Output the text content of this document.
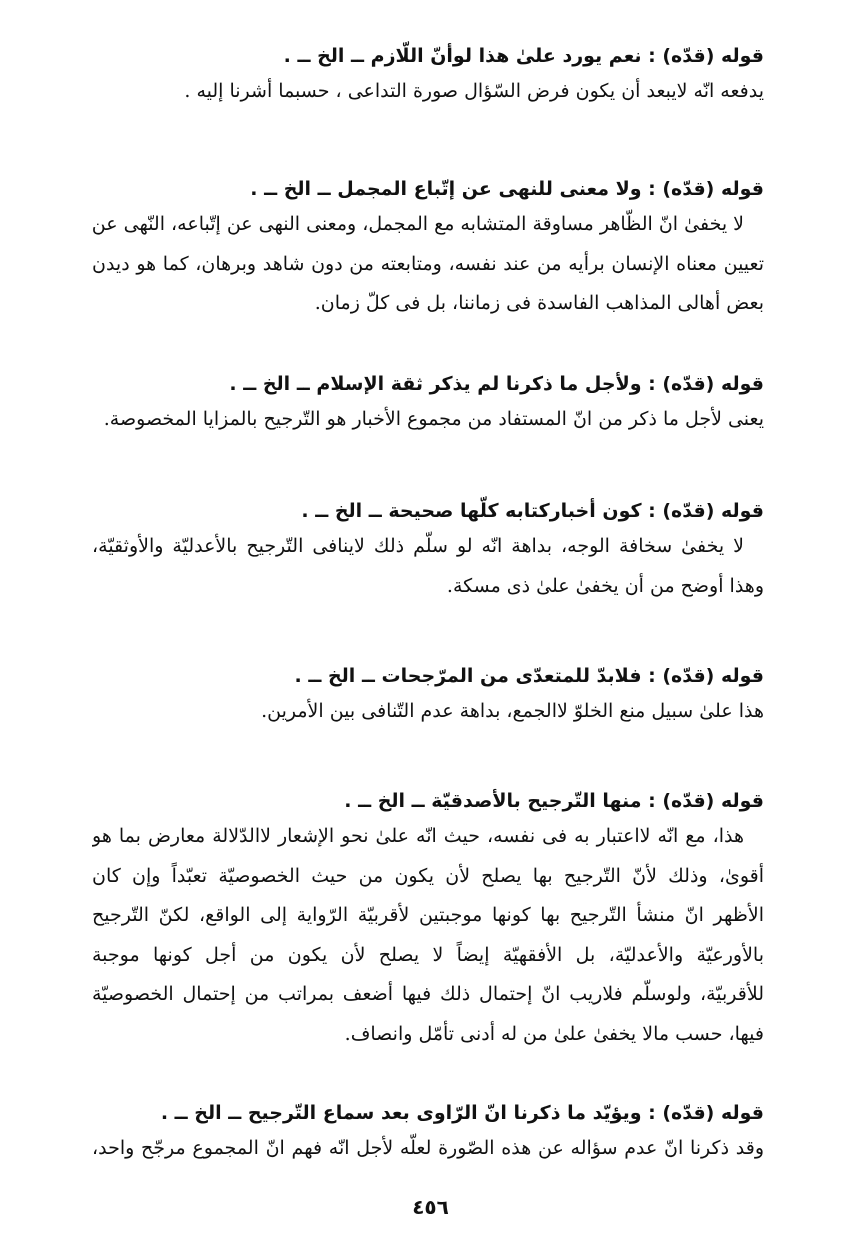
قوله (قدّه) : نعم يورد علىٰ هذا لوأنّ اللّازم ــ الخ ــ .
يدفعه انّه لايبعد أن يكون فرض السّؤال صورة التداعى ، حسبما أشرنا إليه .
قوله (قدّه) : ولا معنى للنهى عن إتّباع المجمل ــ الخ ــ .
لا يخفىٰ انّ الظّاهر مساوقة المتشابه مع المجمل، ومعنى النهى عن إتّباعه، النّهى عن
تعيين معناه الإنسان برأيه من عند نفسه، ومتابعته من دون شاهد وبرهان، كما هو ديدن
بعض أهالى المذاهب الفاسدة فى زماننا، بل فى كلّ زمان.
قوله (قدّه) : ولأجل ما ذكرنا لم يذكر ثقة الإسلام ــ الخ ــ .
يعنى لأجل ما ذكر من انّ المستفاد من مجموع الأخبار هو التّرجيح بالمزايا المخصوصة.
قوله (قدّه) : كون أخباركتابه كلّها صحيحة ــ الخ ــ .
لا يخفىٰ سخافة الوجه، بداهة انّه لو سلّم ذلك لاينافى التّرجيح بالأعدليّة والأوثقيّة،
وهذا أوضح من أن يخفىٰ علىٰ ذى مسكة.
قوله (قدّه) : فلابدّ للمتعدّى من المرّجحات ــ الخ ــ .
هذا علىٰ سبيل منع الخلوّ لاالجمع، بداهة عدم التّنافى بين الأمرين.
قوله (قدّه) : منها التّرجيح بالأصدقيّة ــ الخ ــ .
هذا، مع انّه لااعتبار به فى نفسه، حيث انّه علىٰ نحو الإشعار لاالدّلالة معارض بما هو
أقوىٰ، وذلك لأنّ التّرجيح بها يصلح لأن يكون من حيث الخصوصيّة تعبّداً وإن كان
الأظهر انّ منشأ التّرجيح بها كونها موجبتين لأقربيّة الرّواية إلى الواقع، لكنّ التّرجيح
بالأورعيّة والأعدليّة، بل الأفقهيّة إيضاً لا يصلح لأن يكون من أجل كونها موجبة
للأقربيّة، ولوسلّم فلاريب انّ إحتمال ذلك فيها أضعف بمراتب من إحتمال الخصوصيّة
فيها، حسب مالا يخفىٰ علىٰ من له أدنى تأمّل وانصاف.
قوله (قدّه) : ويؤيّد ما ذكرنا انّ الرّاوى بعد سماع التّرجيح ــ الخ ــ .
وقد ذكرنا انّ عدم سؤاله عن هذه الصّورة لعلّه لأجل انّه فهم انّ المجموع مرجّح واحد،
٤٥٦
